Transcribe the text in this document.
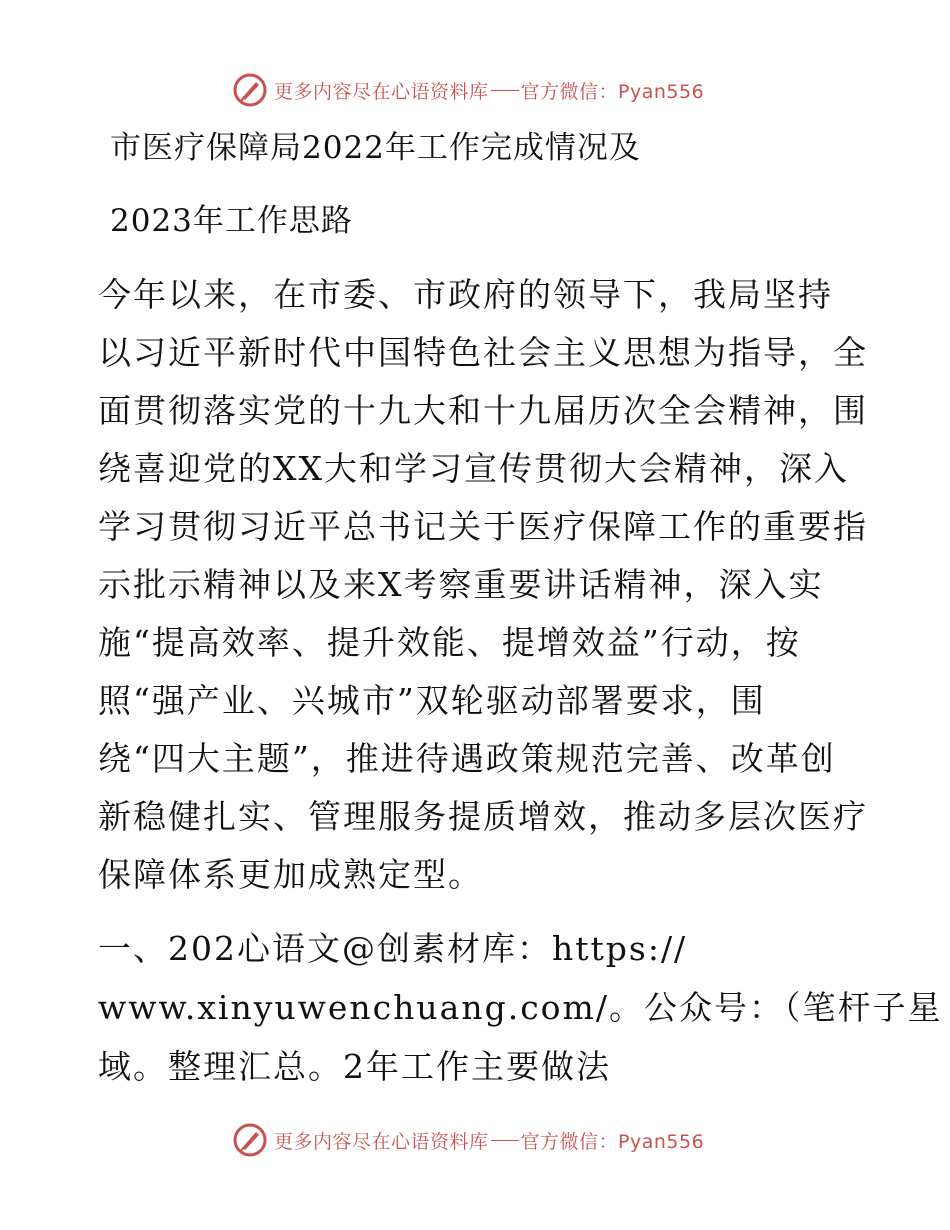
更多内容尽在心语资料库 官方微信：Pyan556
市医疗保障局2022年工作完成情况及
2023年工作思路
今年以来，在市委、市政府的领导下，我局坚持
以习近平新时代中国特色社会主义思想为指导，全
面贯彻落实党的十九大和十九届历次全会精神，围
绕喜迎党的XX大和学习宣传贯彻大会精神，深入
学习贯彻习近平总书记关于医疗保障工作的重要指
示批示精神以及来X考察重要讲话精神，深入实
施“提高效率、提升效能、提增效益”行动，按
照“强产业、兴城市”双轮驱动部署要求，围
绕“四大主题”，推进待遇政策规范完善、改革创
新稳健扎实、管理服务提质增效，推动多层次医疗
保障体系更加成熟定型。
一、202心语文@创素材库：https://
www.xinyuwenchuang.com/。公众号：（笔杆子星
域。整理汇总。2年工作主要做法
更多内容尽在心语资料库 官方微信：Pyan556
